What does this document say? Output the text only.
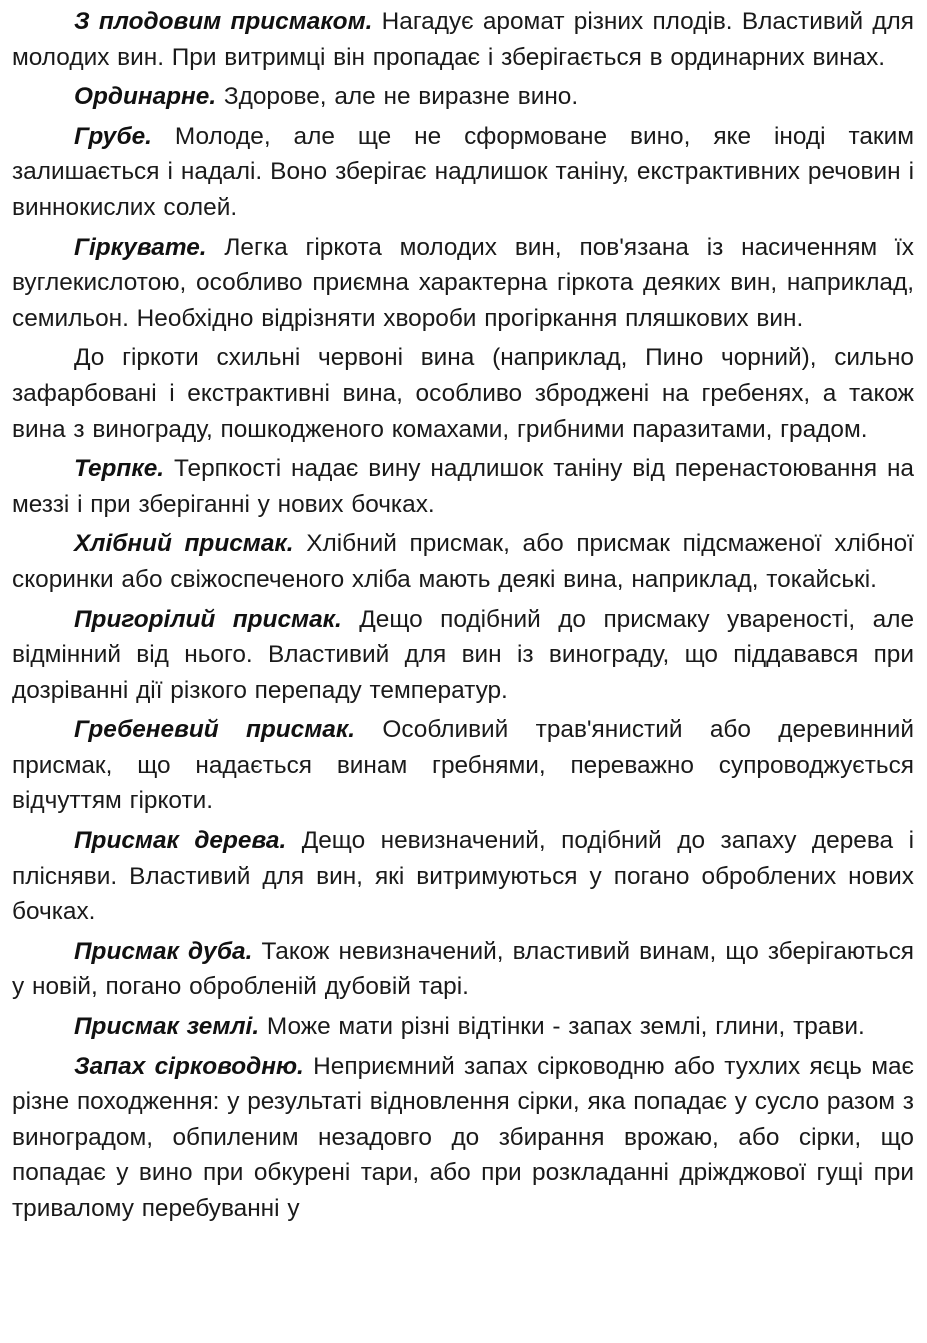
З плодовим присмаком. Нагадує аромат різних плодів. Властивий для молодих вин. При витримці він пропадає і зберігається в ординарних винах.

Ординарне. Здорове, але не виразне вино.

Грубе. Молоде, але ще не сформоване вино, яке іноді таким залишається і надалі. Воно зберігає надлишок таніну, екстрактивних речовин і виннокислих солей.

Гіркувате. Легка гіркота молодих вин, пов'язана із насиченням їх вуглекислотою, особливо приємна характерна гіркота деяких вин, наприклад, семильон. Необхідно відрізняти хвороби прогіркання пляшкових вин.

До гіркоти схильні червоні вина (наприклад, Пино чорний), сильно зафарбовані і екстрактивні вина, особливо збродженi на гребенях, а також вина з винограду, пошкодженого комахами, грибними паразитами, градом.

Терпке. Терпкості надає вину надлишок таніну від перенастоювання на меззі і при зберіганні у нових бочках.

Хлібний присмак. Хлібний присмак, або присмак підсмаженої хлібної скоринки або свіжоспеченого хліба мають деякі вина, наприклад, токайські.

Пригорілий присмак. Дещо подібний до присмаку увареності, але відмінний від нього. Властивий для вин із винограду, що піддавався при дозріванні дії різкого перепаду температур.

Гребеневий присмак. Особливий трав'янистий або деревинний присмак, що надається винам гребнями, переважно супроводжується відчуттям гіркоти.

Присмак дерева. Дещо невизначений, подібний до запаху дерева і плісняви. Властивий для вин, які витримуються у погано оброблених нових бочках.

Присмак дуба. Також невизначений, властивий винам, що зберігаються у новій, погано обробленій дубовій тарі.

Присмак землі. Може мати різні відтінки - запах землі, глини, трави.

Запах сірководню. Неприємний запах сірководню або тухлих яєць має різне походження: у результаті відновлення сірки, яка попадає у сусло разом з виноградом, обпиленим незадовго до збирання врожаю, або сірки, що попадає у вино при обкурені тари, або при розкладанні дріжджової гущі при тривалому перебуванні у
